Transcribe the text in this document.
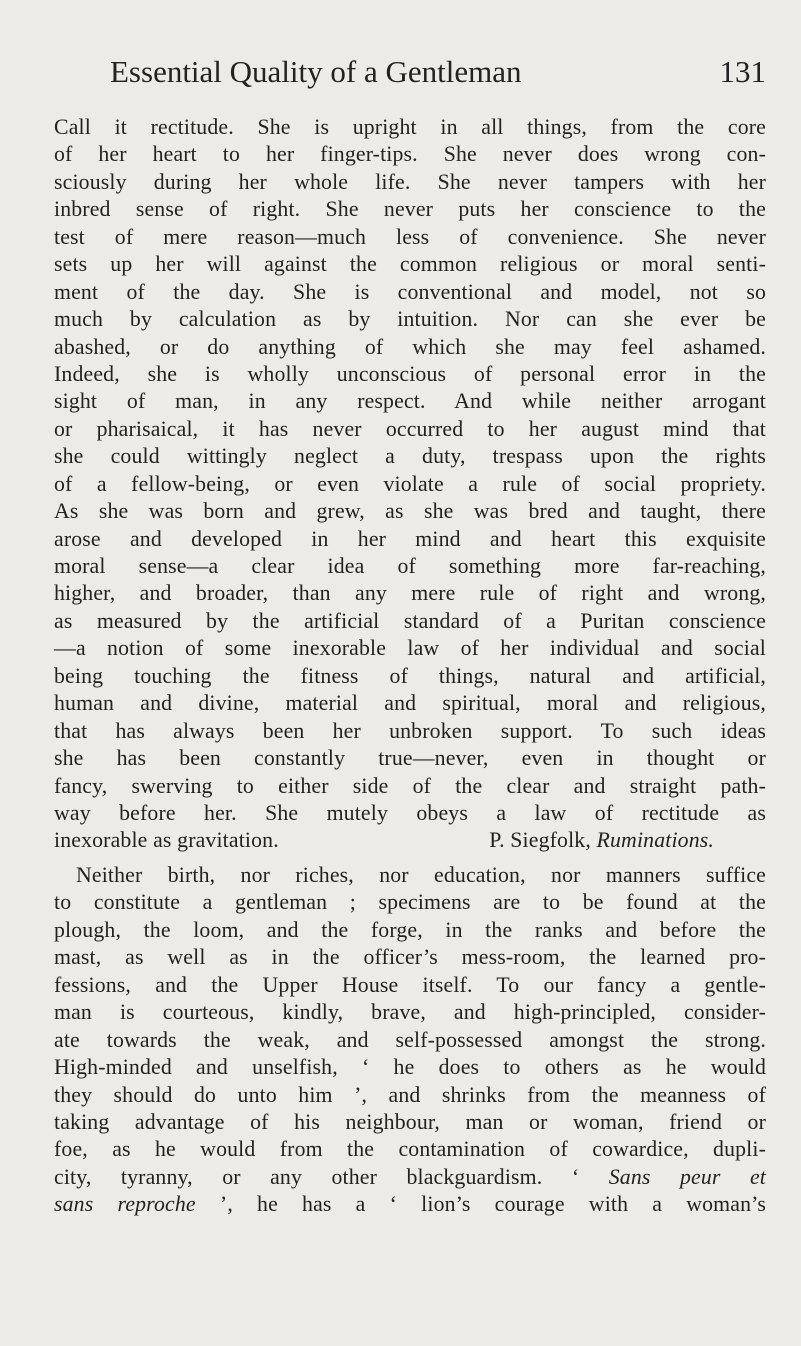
Essential Quality of a Gentleman	131
Call it rectitude. She is upright in all things, from the core
of her heart to her finger-tips. She never does wrong con-
sciously during her whole life. She never tampers with her
inbred sense of right. She never puts her conscience to the
test of mere reason—much less of convenience. She never
sets up her will against the common religious or moral senti-
ment of the day. She is conventional and model, not so
much by calculation as by intuition. Nor can she ever be
abashed, or do anything of which she may feel ashamed.
Indeed, she is wholly unconscious of personal error in the
sight of man, in any respect. And while neither arrogant
or pharisaical, it has never occurred to her august mind that
she could wittingly neglect a duty, trespass upon the rights
of a fellow-being, or even violate a rule of social propriety.
As she was born and grew, as she was bred and taught, there
arose and developed in her mind and heart this exquisite
moral sense—a clear idea of something more far-reaching,
higher, and broader, than any mere rule of right and wrong,
as measured by the artificial standard of a Puritan conscience
—a notion of some inexorable law of her individual and social
being touching the fitness of things, natural and artificial,
human and divine, material and spiritual, moral and religious,
that has always been her unbroken support. To such ideas
she has been constantly true—never, even in thought or
fancy, swerving to either side of the clear and straight path-
way before her. She mutely obeys a law of rectitude as
inexorable as gravitation.	P. Siegfolk, Ruminations.
Neither birth, nor riches, nor education, nor manners suffice
to constitute a gentleman ; specimens are to be found at the
plough, the loom, and the forge, in the ranks and before the
mast, as well as in the officer’s mess-room, the learned pro-
fessions, and the Upper House itself. To our fancy a gentle-
man is courteous, kindly, brave, and high-principled, consider-
ate towards the weak, and self-possessed amongst the strong.
High-minded and unselfish, ‘ he does to others as he would
they should do unto him ’, and shrinks from the meanness of
taking advantage of his neighbour, man or woman, friend or
foe, as he would from the contamination of cowardice, dupli-
city, tyranny, or any other blackguardism. ‘ Sans peur et
sans reproche ’, he has a ‘ lion’s courage with a woman’s
